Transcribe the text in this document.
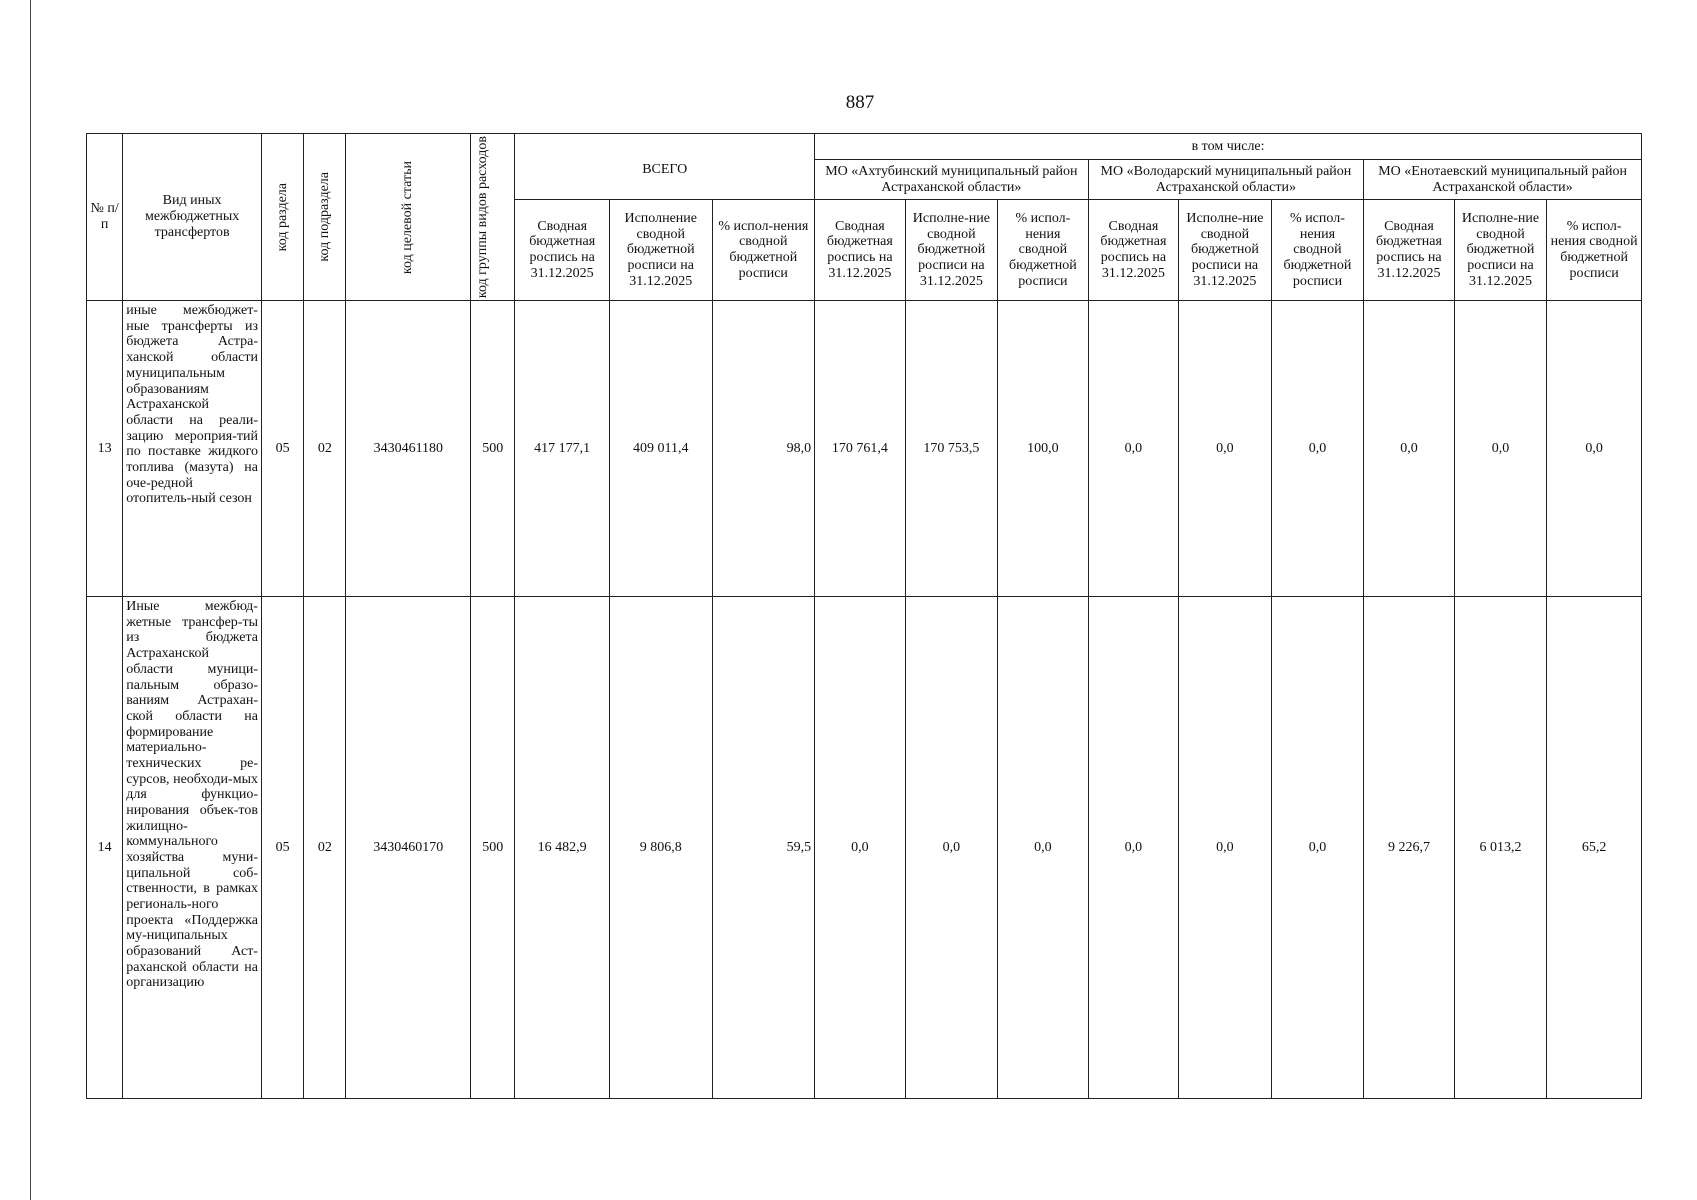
887
№ п/п	Вид иных межбюджетных трансфертов	код раздела	код подраздела	код целевой статьи	код группы видов расходов	ВСЕГО			в том числе:								
									МО «Ахтубинский муниципальный район Астраханской области»			МО «Володарский муниципальный район Астраханской области»			МО «Енотаевский муниципальный район Астраханской области»		
						Сводная бюджетная роспись на 31.12.2025	Исполнение сводной бюджетной росписи на 31.12.2025	% испол-нения сводной бюджетной росписи	Сводная бюджетная роспись на 31.12.2025	Исполне-ние сводной бюджетной росписи на 31.12.2025	% испол-нения сводной бюджетной росписи	Сводная бюджетная роспись на 31.12.2025	Исполне-ние сводной бюджетной росписи на 31.12.2025	% испол-нения сводной бюджетной росписи	Сводная бюджетная роспись на 31.12.2025	Исполне-ние сводной бюджетной росписи на 31.12.2025	% испол-нения сводной бюджетной росписи
13	иные межбюджет-ные трансферты из бюджета Астра-ханской области муниципальным образованиям Астраханской области на реали-зацию мероприя-тий по поставке жидкого топлива (мазута) на оче-редной отопитель-ный сезон	05	02	3430461180	500	417 177,1	409 011,4	98,0	170 761,4	170 753,5	100,0	0,0	0,0	0,0	0,0	0,0	0,0
14	Иные межбюд-жетные трансфер-ты из бюджета Астраханской области муници-пальным образо-ваниям Астрахан-ской области на формирование материально-технических ре-сурсов, необходи-мых для функцио-нирования объек-тов жилищно-коммунального хозяйства муни-ципальной соб-ственности, в рамках региональ-ного проекта «Поддержка му-ниципальных образований Аст-раханской области на организацию	05	02	3430460170	500	16 482,9	9 806,8	59,5	0,0	0,0	0,0	0,0	0,0	0,0	9 226,7	6 013,2	65,2
